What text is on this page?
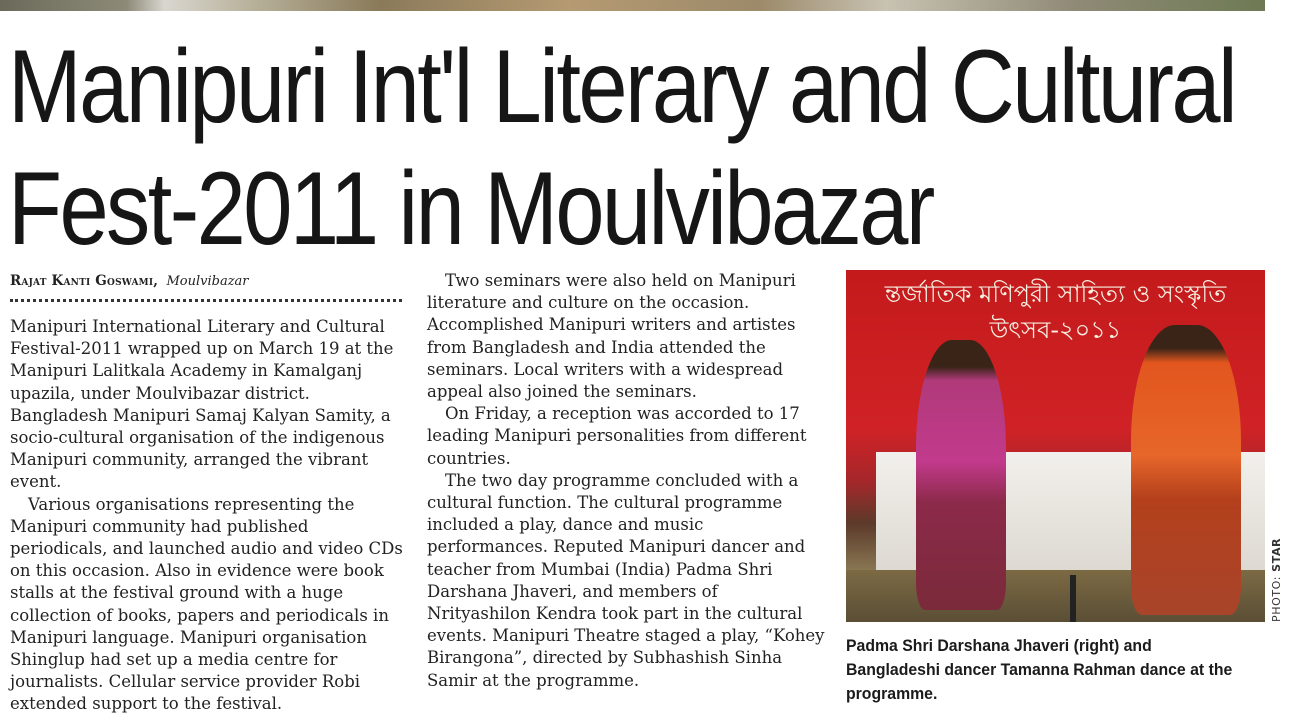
Manipuri Int'l Literary and Cultural
Fest-2011 in Moulvibazar
Rajat Kanti Goswami, Moulvibazar

Manipuri International Literary and Cultural Festival-2011 wrapped up on March 19 at the Manipuri Lalitkala Academy in Kamalganj upazila, under Moulvibazar district. Bangladesh Manipuri Samaj Kalyan Samity, a socio-cultural organisation of the indigenous Manipuri community, arranged the vibrant event.

Various organisations representing the Manipuri community had published periodicals, and launched audio and video CDs on this occasion. Also in evidence were book stalls at the festival ground with a huge collection of books, papers and periodicals in Manipuri language. Manipuri organisation Shinglup had set up a media centre for journalists. Cellular service provider Robi extended support to the festival.

Two seminars were also held on Manipuri literature and culture on the occasion. Accomplished Manipuri writers and artistes from Bangladesh and India attended the seminars. Local writers with a widespread appeal also joined the seminars.

On Friday, a reception was accorded to 17 leading Manipuri personalities from different countries.

The two day programme concluded with a cultural function. The cultural programme included a play, dance and music performances. Reputed Manipuri dancer and teacher from Mumbai (India) Padma Shri Darshana Jhaveri, and members of Nrityashilon Kendra took part in the cultural events. Manipuri Theatre staged a play, “Kohey Birangona”, directed by Subhashish Sinha Samir at the programme.

ন্তর্জাতিক মণিপুরী সাহিত্য ও সংস্কৃতি
উৎসব-২০১১
PHOTO: STAR
Padma Shri Darshana Jhaveri (right) and Bangladeshi dancer Tamanna Rahman dance at the programme.
